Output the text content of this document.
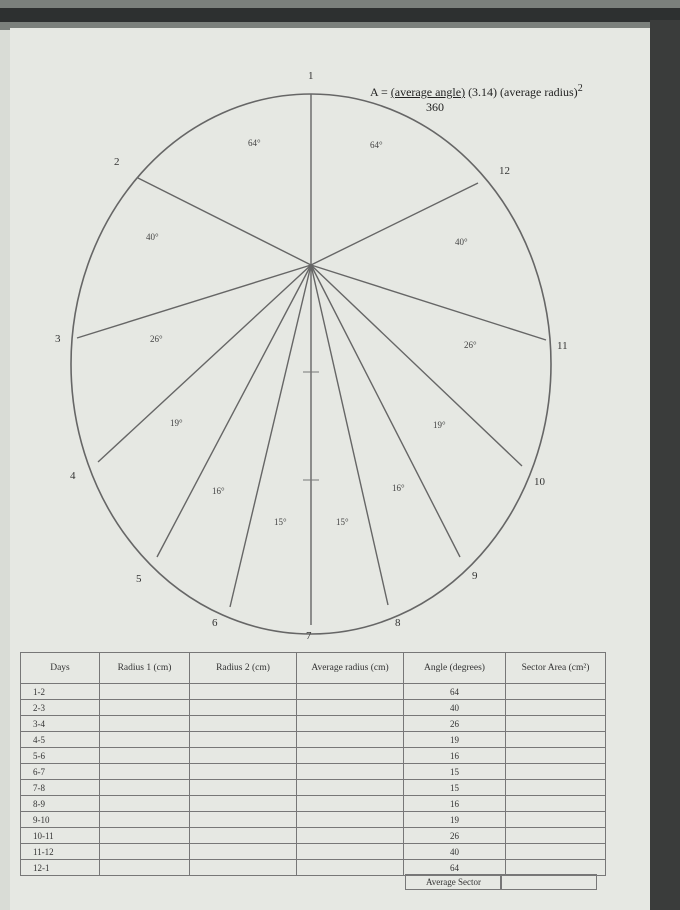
A = (average angle) (3.14) (average radius)$^2$
360
1
2
3
4
5
6
7
8
9
10
11
12
64°
40°
26°
19°
16°
15°
64°
40°
26°
19°
16°
15°
Days	Radius 1 (cm)	Radius 2 (cm)	Average radius (cm)	Angle (degrees)	Sector Area (cm²)
1-2				64	
2-3				40	
3-4				26	
4-5				19	
5-6				16	
6-7				15	
7-8				15	
8-9				16	
9-10				19	
10-11				26	
11-12				40	
12-1				64	
Average Sector
